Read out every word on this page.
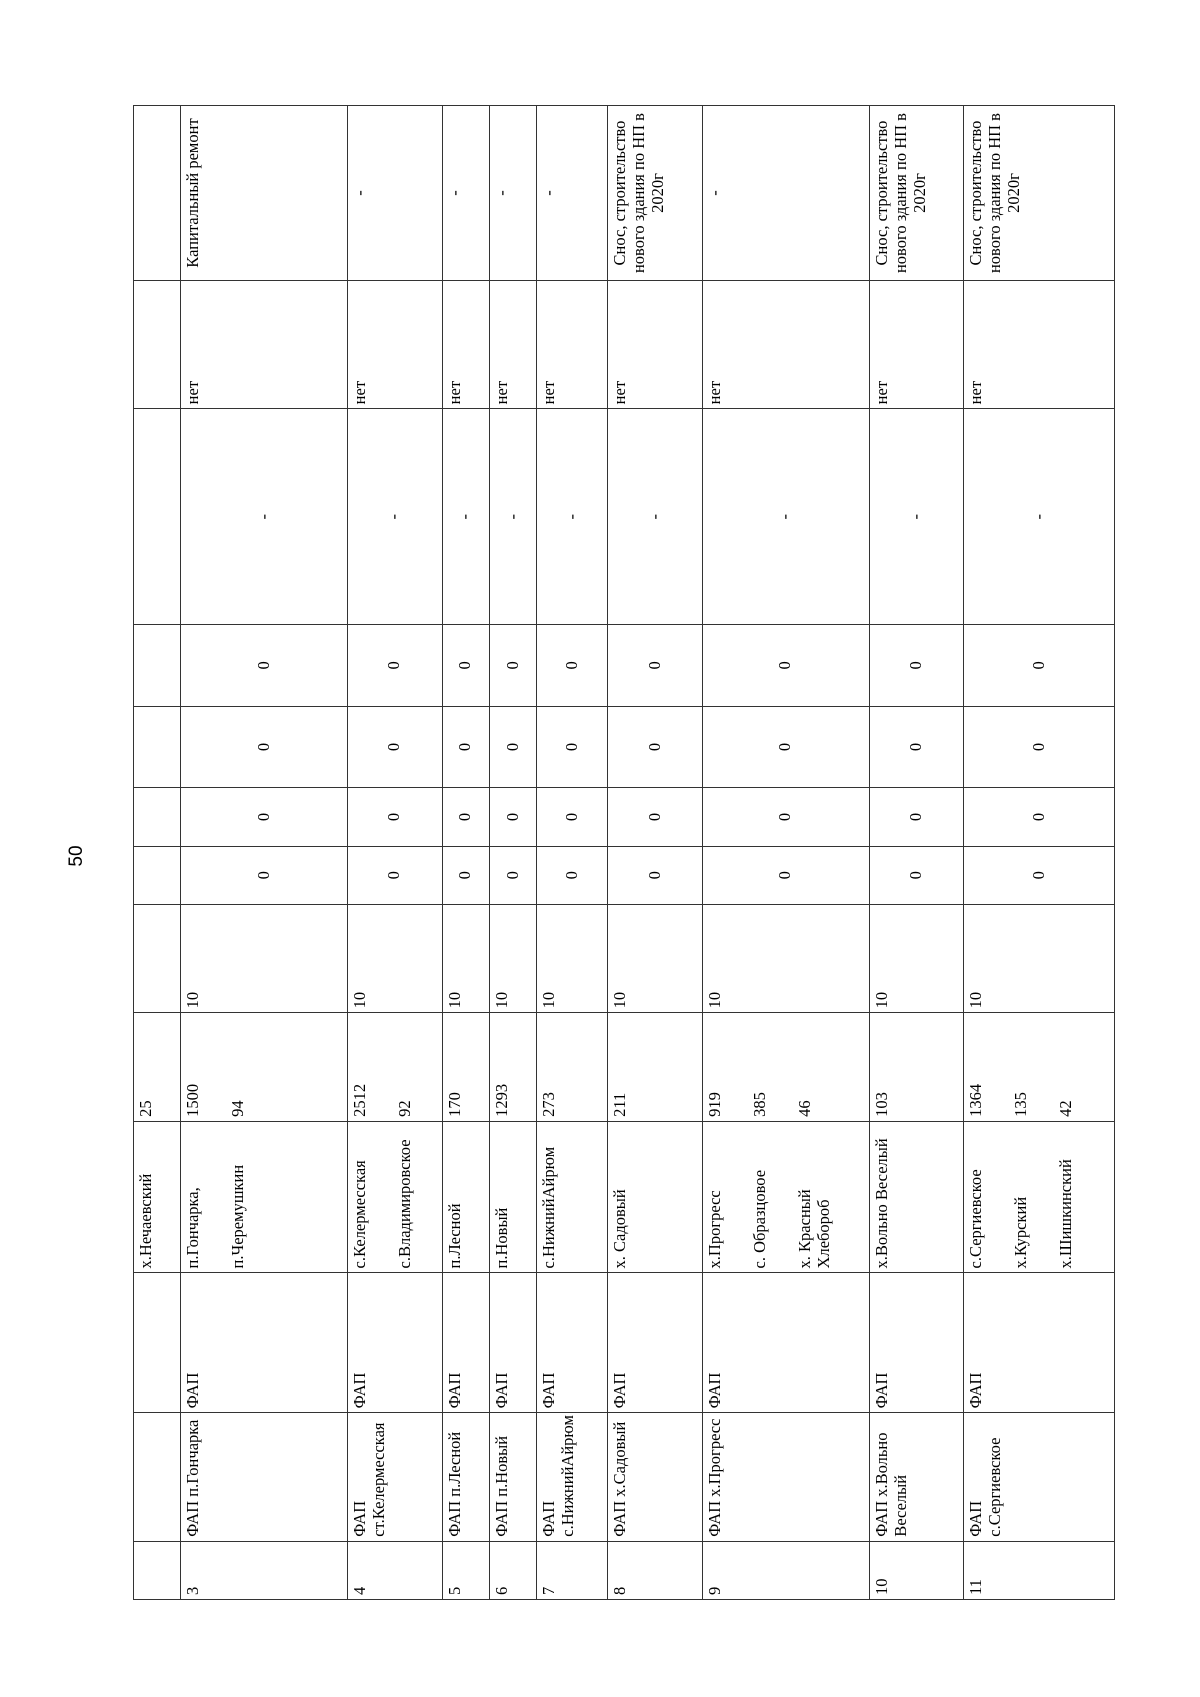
50
			х.Нечаевский	25								
3	ФАП п.Гончарка	ФАП	п.Гончарка, п.Черемушкин	1500 94	10	0	0	0	0	-	нет	Капитальный ремонт
4	ФАП ст.Келермесская	ФАП	с.Келермесская с.Владимировское	2512 92	10	0	0	0	0	-	нет	-
5	ФАП п.Лесной	ФАП	п.Лесной	170	10	0	0	0	0	-	нет	-
6	ФАП п.Новый	ФАП	п.Новый	1293	10	0	0	0	0	-	нет	-
7	ФАП с.НижнийАйрюм	ФАП	с.НижнийАйрюм	273	10	0	0	0	0	-	нет	-
8	ФАП х.Садовый	ФАП	х. Садовый	211	10	0	0	0	0	-	нет	Снос, строительство нового здания по НП в 2020г
9	ФАП х.Прогресс	ФАП	х.Прогресс с. Образцовое х. Красный Хлебороб	919 385 46	10	0	0	0	0	-	нет	-
10	ФАП х.Вольно Веселый	ФАП	х.Вольно Веселый	103	10	0	0	0	0	-	нет	Снос, строительство нового здания по НП в 2020г
11	ФАП с.Сергиевское	ФАП	с.Сергиевское х.Курский х.Шишкинский	1364 135 42	10	0	0	0	0	-	нет	Снос, строительство нового здания по НП в 2020г
